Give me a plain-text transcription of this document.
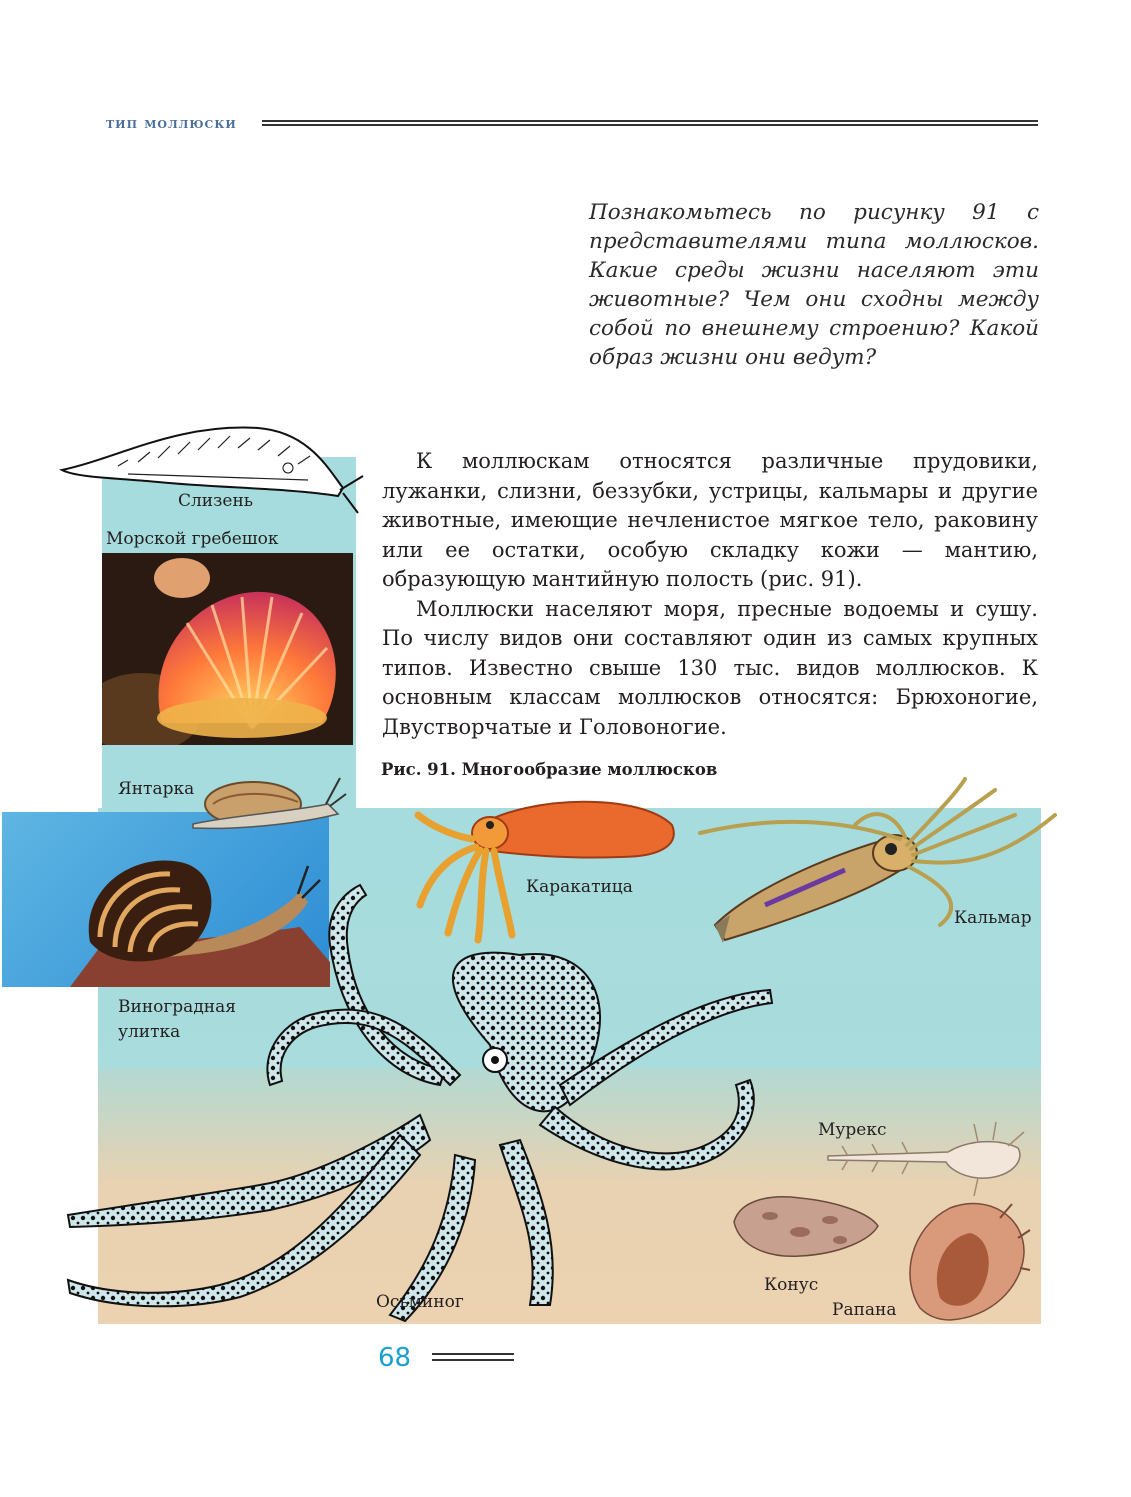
тип моллюски
Познакомьтесь по рисунку 91 с представителями типа моллюсков. Какие среды жизни населяют эти животные? Чем они сходны между собой по внешнему строению? Какой образ жизни они ведут?

К моллюскам относятся различные прудовики, лужанки, слизни, беззубки, устрицы, кальмары и другие животные, имеющие нечленистое мягкое тело, раковину или ее остатки, особую складку кожи — мантию, образующую мантийную полость (рис. 91).

Моллюски населяют моря, пресные водоемы и сушу. По числу видов они составляют один из самых крупных типов. Известно свыше 130 тыс. видов моллюсков. К основным классам моллюсков относятся: Брюхоногие, Двустворчатые и Головоногие.

Рис. 91. Многообразие моллюсков
Слизень
Морской гребешок
Янтарка
Виноградная
улитка
Каракатица
Кальмар
Осьминог
Мурекс
Конус
Рапана
68
